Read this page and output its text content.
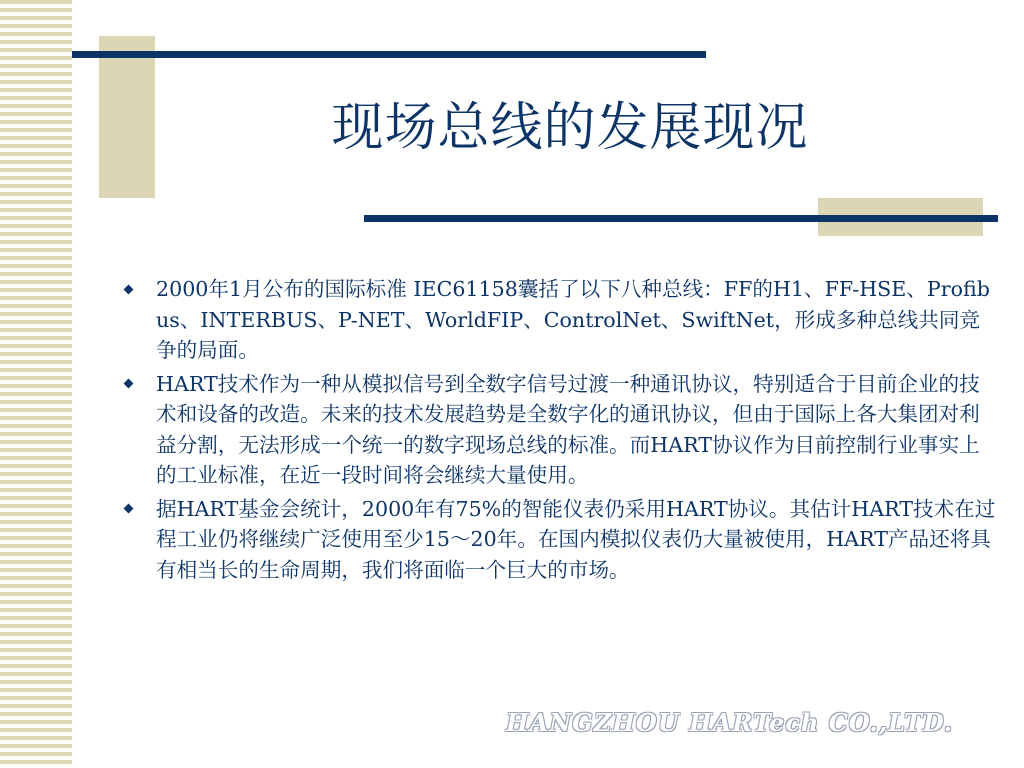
现场总线的发展现况
2000年1月公布的国际标准 IEC61158囊括了以下八种总线：FF的H1、FF-HSE、Profibus、INTERBUS、P-NET、WorldFIP、ControlNet、SwiftNet，形成多种总线共同竞争的局面。
HART技术作为一种从模拟信号到全数字信号过渡一种通讯协议，特别适合于目前企业的技术和设备的改造。未来的技术发展趋势是全数字化的通讯协议，但由于国际上各大集团对利益分割，无法形成一个统一的数字现场总线的标准。而HART协议作为目前控制行业事实上的工业标准，在近一段时间将会继续大量使用。
据HART基金会统计，2000年有75%的智能仪表仍采用HART协议。其估计HART技术在过程工业仍将继续广泛使用至少15～20年。在国内模拟仪表仍大量被使用，HART产品还将具有相当长的生命周期，我们将面临一个巨大的市场。
HANGZHOU HARTech CO.,LTD.
